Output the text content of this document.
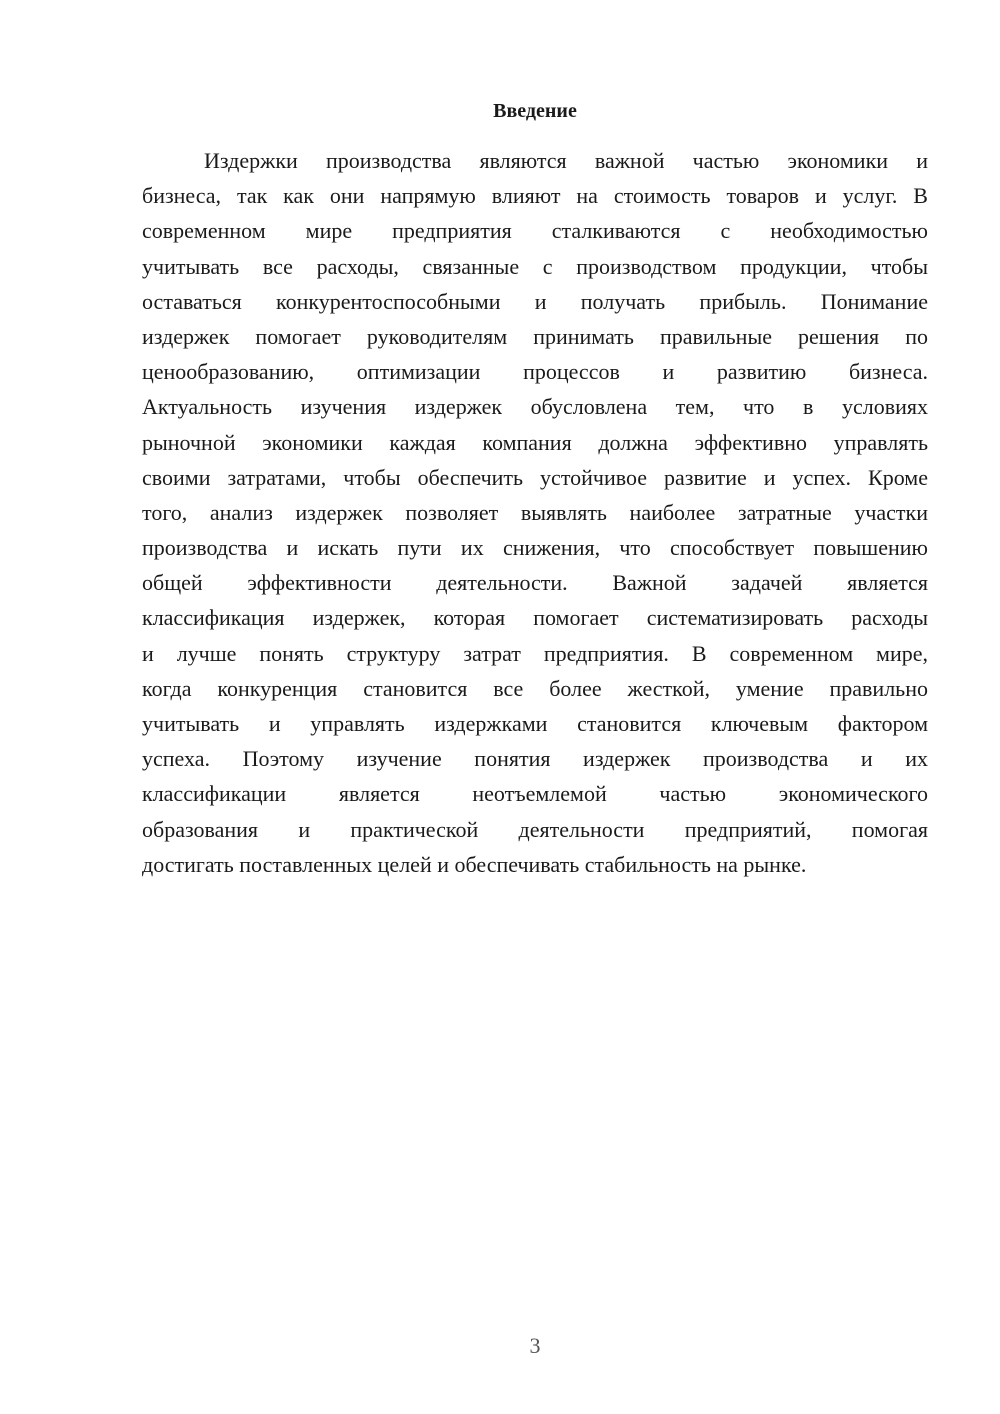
Введение

Издержки производства являются важной частью экономики и
бизнеса, так как они напрямую влияют на стоимость товаров и услуг. В
современном мире предприятия сталкиваются с необходимостью
учитывать все расходы, связанные с производством продукции, чтобы
оставаться конкурентоспособными и получать прибыль. Понимание
издержек помогает руководителям принимать правильные решения по
ценообразованию, оптимизации процессов и развитию бизнеса.
Актуальность изучения издержек обусловлена тем, что в условиях
рыночной экономики каждая компания должна эффективно управлять
своими затратами, чтобы обеспечить устойчивое развитие и успех. Кроме
того, анализ издержек позволяет выявлять наиболее затратные участки
производства и искать пути их снижения, что способствует повышению
общей эффективности деятельности. Важной задачей является
классификация издержек, которая помогает систематизировать расходы
и лучше понять структуру затрат предприятия. В современном мире,
когда конкуренция становится все более жесткой, умение правильно
учитывать и управлять издержками становится ключевым фактором
успеха. Поэтому изучение понятия издержек производства и их
классификации является неотъемлемой частью экономического
образования и практической деятельности предприятий, помогая
достигать поставленных целей и обеспечивать стабильность на рынке.

3
